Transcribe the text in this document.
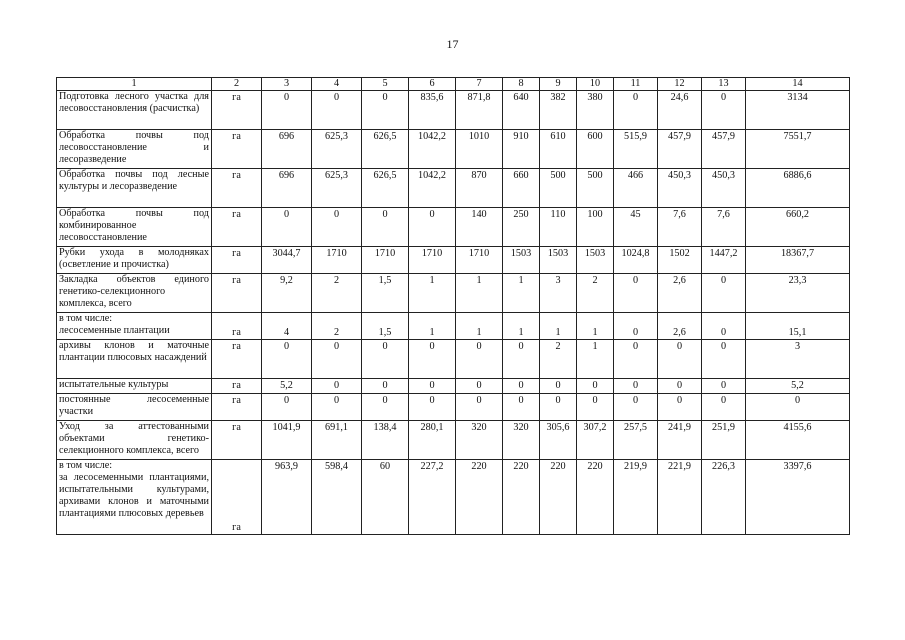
17
1	2	3	4	5	6	7	8	9	10	11	12	13	14
Подготовка лесного участка для лесовосстановления (расчистка)	га	0	0	0	835,6	871,8	640	382	380	0	24,6	0	3134
Обработка почвы под лесовосстановление и лесоразведение	га	696	625,3	626,5	1042,2	1010	910	610	600	515,9	457,9	457,9	7551,7
Обработка почвы под лесные культуры и лесоразведение	га	696	625,3	626,5	1042,2	870	660	500	500	466	450,3	450,3	6886,6
Обработка почвы под комбинированное лесовосстановление	га	0	0	0	0	140	250	110	100	45	7,6	7,6	660,2
Рубки ухода в молодняках (осветление и прочистка)	га	3044,7	1710	1710	1710	1710	1503	1503	1503	1024,8	1502	1447,2	18367,7
Закладка объектов единого генетико-селекционного комплекса, всего	га	9,2	2	1,5	1	1	1	3	2	0	2,6	0	23,3

в том числе:
лесосеменные плантации	га	4	2	1,5	1	1	1	1	1	0	2,6	0	15,1
архивы клонов и маточные плантации плюсовых насаждений	га	0	0	0	0	0	0	2	1	0	0	0	3
испытательные культуры	га	5,2	0	0	0	0	0	0	0	0	0	0	5,2
постоянные лесосеменные участки	га	0	0	0	0	0	0	0	0	0	0	0	0
Уход за аттестованными объектами генетико-селекционного комплекса, всего	га	1041,9	691,1	138,4	280,1	320	320	305,6	307,2	257,5	241,9	251,9	4155,6

в том числе:
за лесосеменными плантациями, испытательными культурами, архивами клонов и маточными плантациями плюсовых деревьев	га	963,9	598,4	60	227,2	220	220	220	220	219,9	221,9	226,3	3397,6
